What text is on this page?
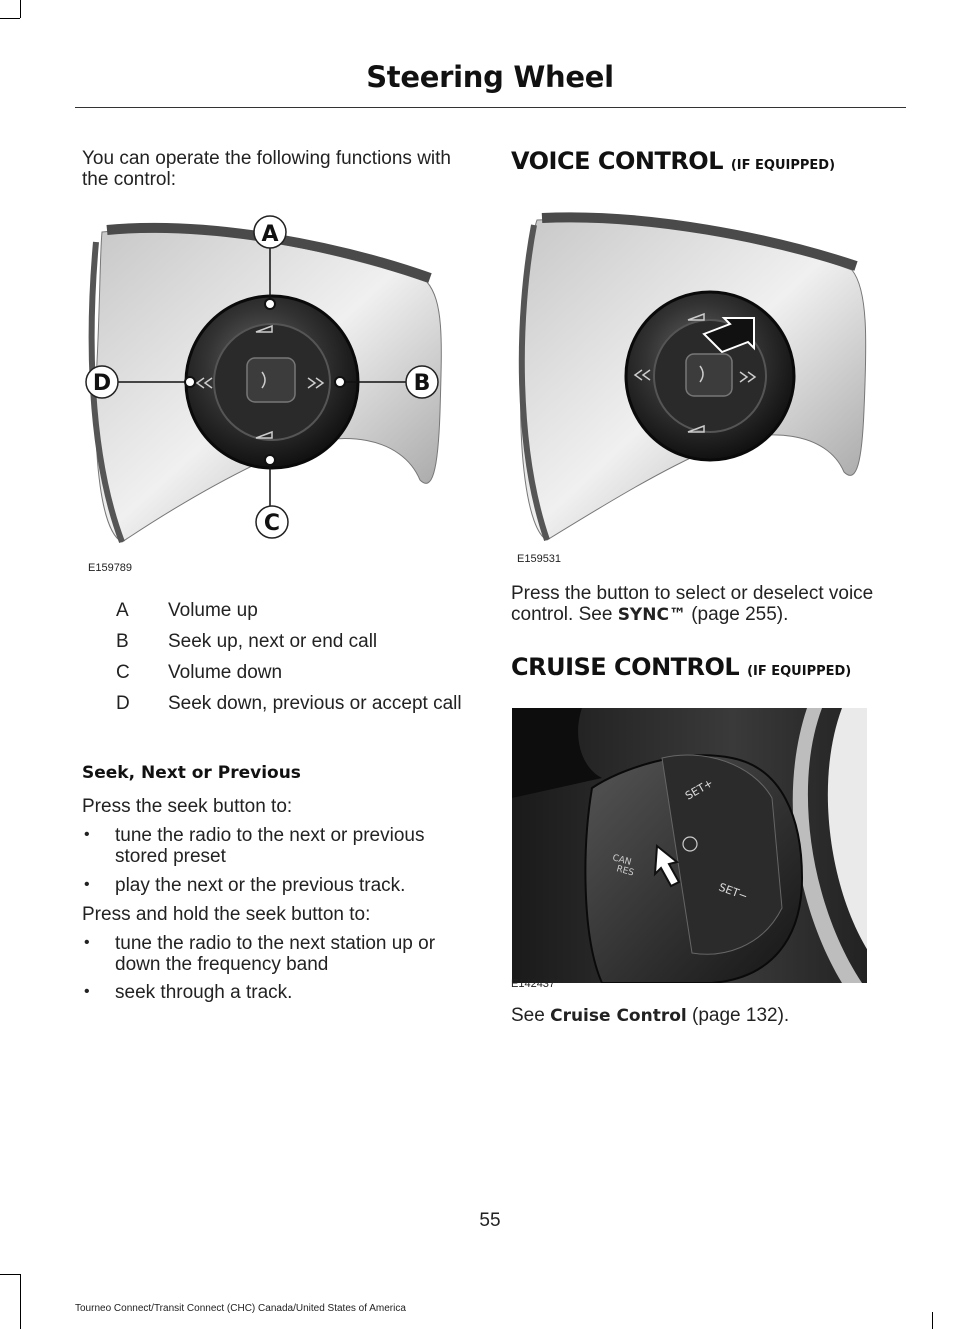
Steering Wheel
You can operate the following functions with the control:
A
B
C
D
E159789
A Volume up
B Seek up, next or end call
C Volume down
D Seek down, previous or accept call
Seek, Next or Previous
Press the seek button to:
• tune the radio to the next or previous stored preset
• play the next or the previous track.
Press and hold the seek button to:
• tune the radio to the next station up or down the frequency band
• seek through a track.
VOICE CONTROL (IF EQUIPPED)
E159531
Press the button to select or deselect voice control. See SYNC™ (page 255).
CRUISE CONTROL (IF EQUIPPED)
SET+
SET−
CAN
RES
E142437
See Cruise Control (page 132).
55
Tourneo Connect/Transit Connect (CHC) Canada/United States of America
